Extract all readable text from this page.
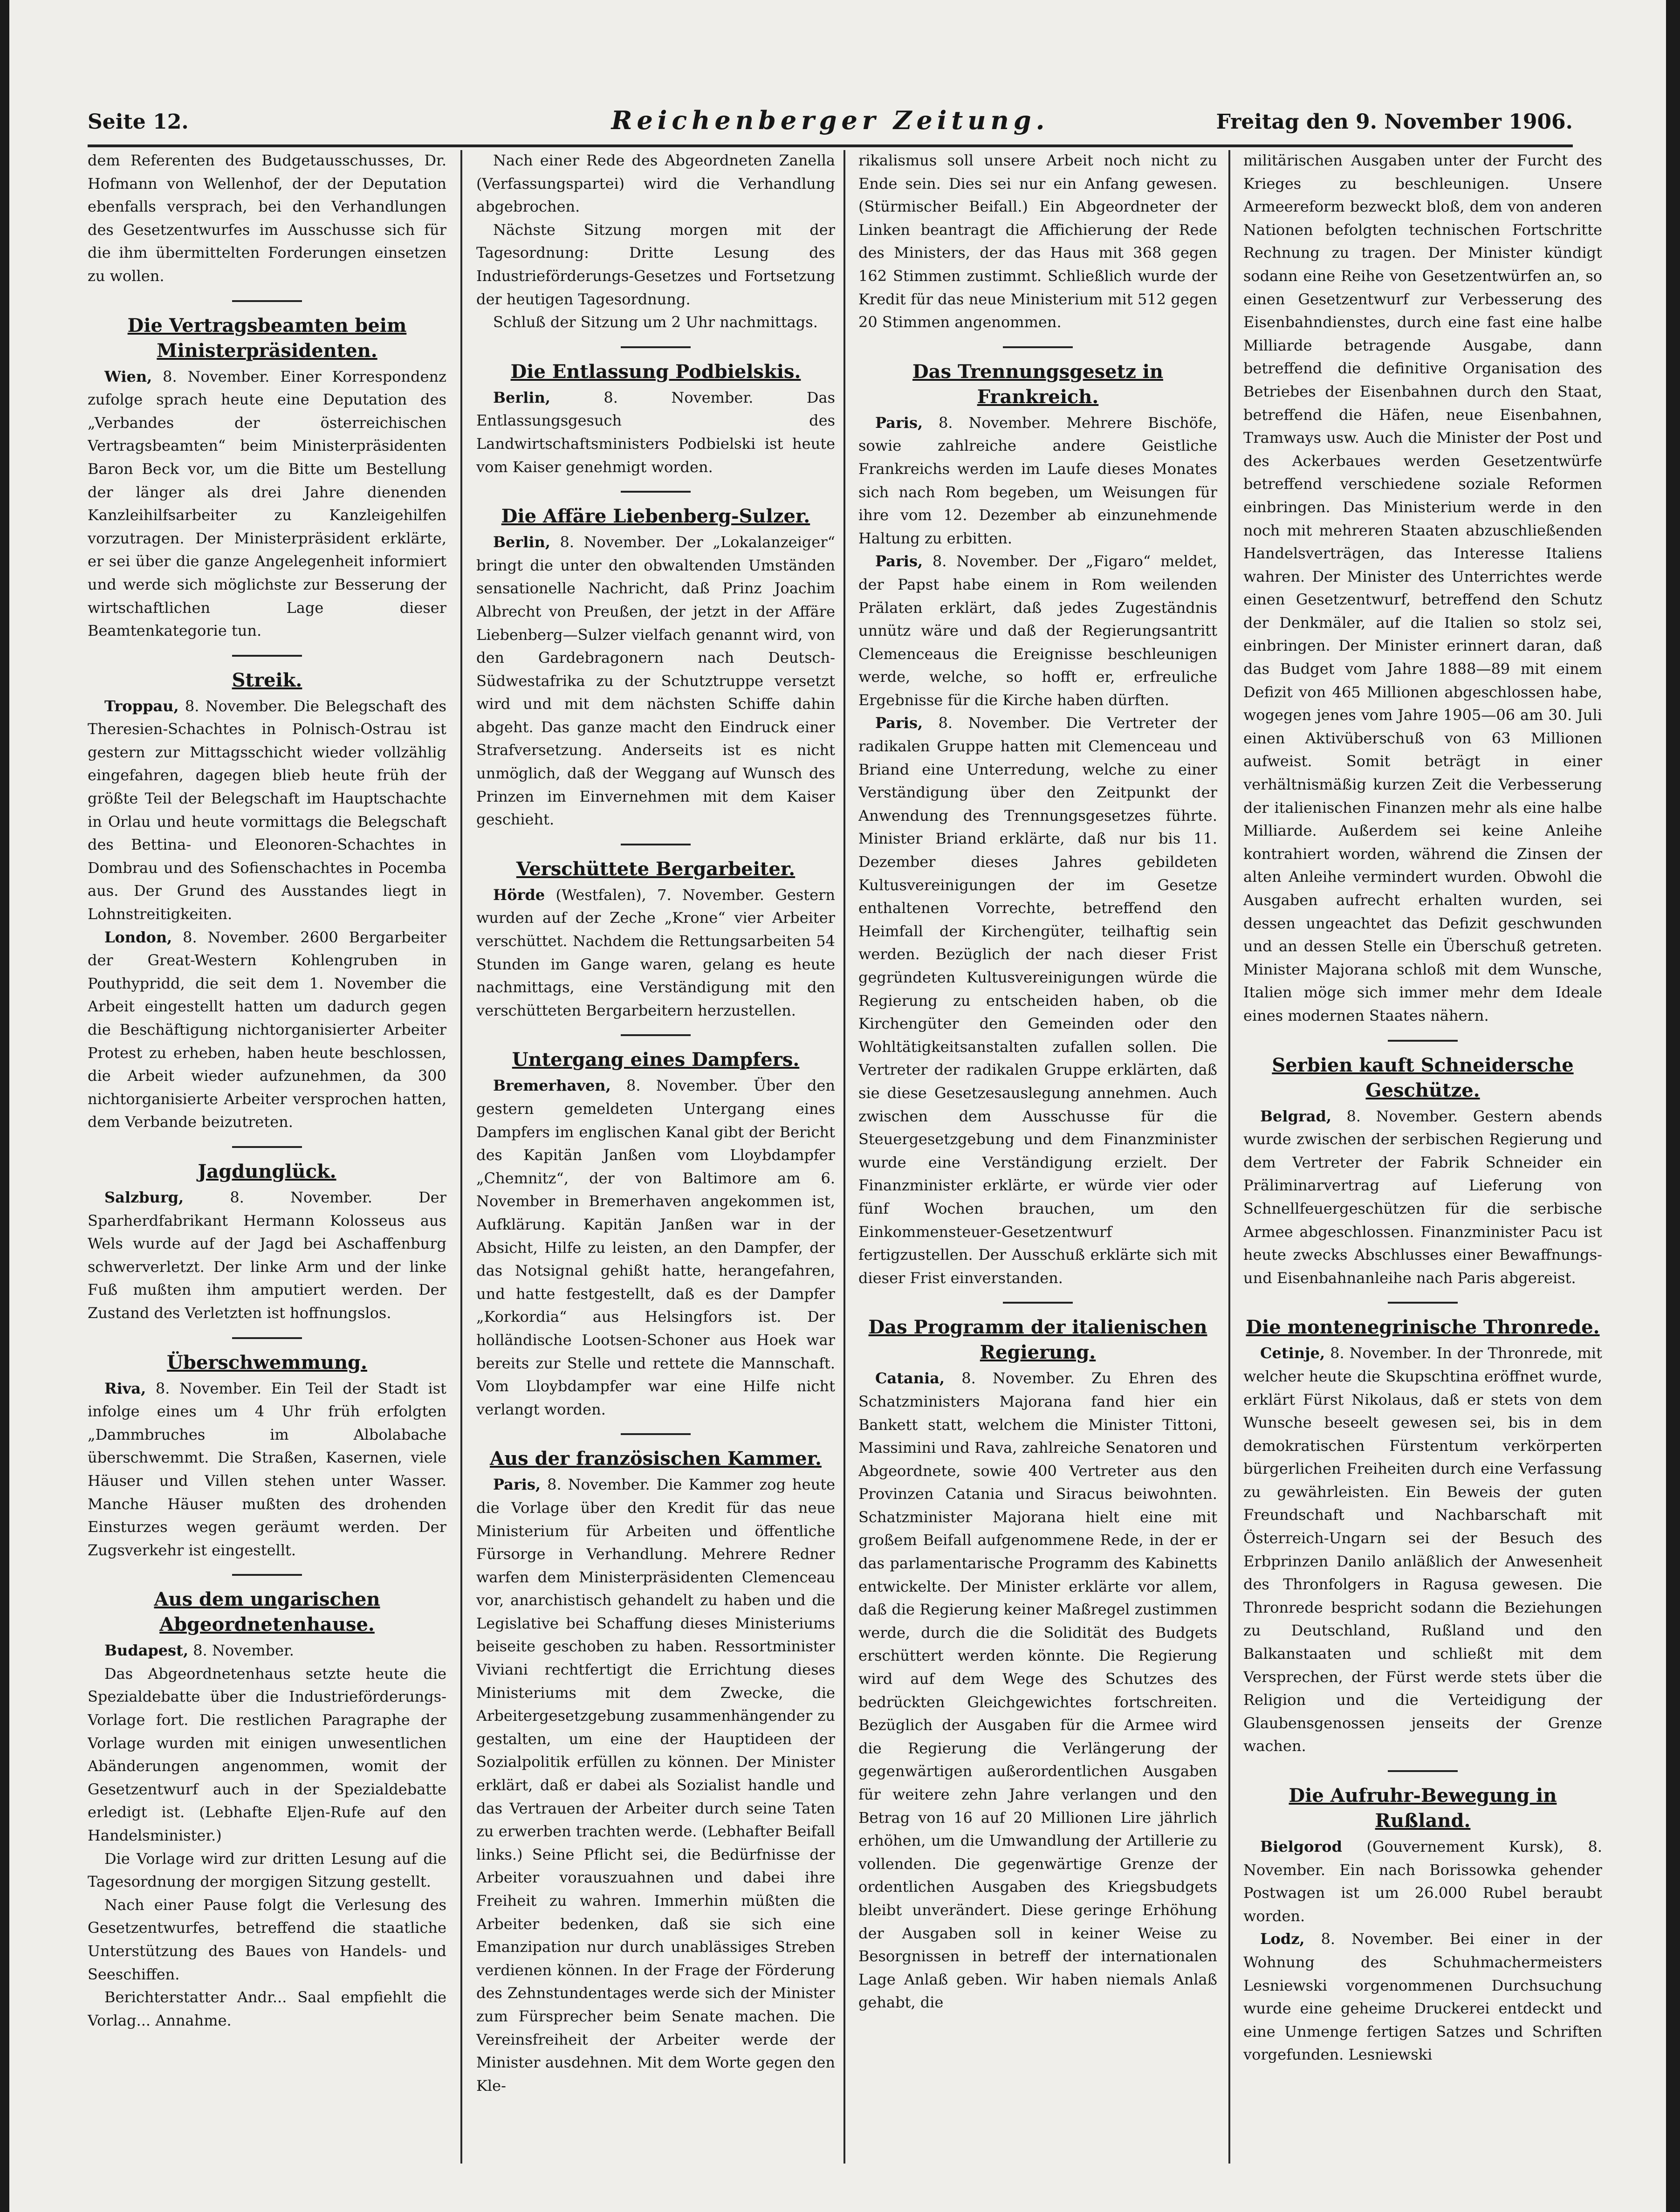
Seite 12.	Reichenberger Zeitung.	Freitag den 9. November 1906.

dem Referenten des Budgetausschusses, Dr. Hofmann von Wellenhof, der der Deputation ebenfalls versprach, bei den Verhandlungen des Gesetzentwurfes im Ausschusse sich für die ihm übermittelten Forderungen einsetzen zu wollen.

Die Vertragsbeamten beim Ministerpräsidenten.

Wien, 8. November. Einer Korrespondenz zufolge sprach heute eine Deputation des „Verbandes der österreichischen Vertragsbeamten“ beim Ministerpräsidenten Baron Beck vor, um die Bitte um Bestellung der länger als drei Jahre dienenden Kanzleihilfsarbeiter zu Kanzleigehilfen vorzutragen. Der Ministerpräsident erklärte, er sei über die ganze Angelegenheit informiert und werde sich möglichste zur Besserung der wirtschaftlichen Lage dieser Beamtenkategorie tun.

Streik.

Troppau, 8. November. Die Belegschaft des Theresien-Schachtes in Polnisch-Ostrau ist gestern zur Mittagsschicht wieder vollzählig eingefahren, dagegen blieb heute früh der größte Teil der Belegschaft im Hauptschachte in Orlau und heute vormittags die Belegschaft des Bettina- und Eleonoren-Schachtes in Dombrau und des Sofienschachtes in Pocemba aus. Der Grund des Ausstandes liegt in Lohnstreitigkeiten.

London, 8. November. 2600 Bergarbeiter der Great-Western Kohlengruben in Pouthypridd, die seit dem 1. November die Arbeit eingestellt hatten um dadurch gegen die Beschäftigung nichtorganisierter Arbeiter Protest zu erheben, haben heute beschlossen, die Arbeit wieder aufzunehmen, da 300 nichtorganisierte Arbeiter versprochen hatten, dem Verbande beizutreten.

Jagdunglück.

Salzburg, 8. November. Der Sparherdfabrikant Hermann Kolosseus aus Wels wurde auf der Jagd bei Aschaffenburg schwerverletzt. Der linke Arm und der linke Fuß mußten ihm amputiert werden. Der Zustand des Verletzten ist hoffnungslos.

Überschwemmung.

Riva, 8. November. Ein Teil der Stadt ist infolge eines um 4 Uhr früh erfolgten „Dammbruches im Albolabache überschwemmt. Die Straßen, Kasernen, viele Häuser und Villen stehen unter Wasser. Manche Häuser mußten des drohenden Einsturzes wegen geräumt werden. Der Zugsverkehr ist eingestellt.

Aus dem ungarischen Abgeordnetenhause.

Budapest, 8. November.

Das Abgeordnetenhaus setzte heute die Spezialdebatte über die Industrieförderungs-Vorlage fort. Die restlichen Paragraphe der Vorlage wurden mit einigen unwesentlichen Abänderungen angenommen, womit der Gesetzentwurf auch in der Spezialdebatte erledigt ist. (Lebhafte Eljen-Rufe auf den Handelsminister.)

Die Vorlage wird zur dritten Lesung auf die Tagesordnung der morgigen Sitzung gestellt.

Nach einer Pause folgt die Verlesung des Gesetzentwurfes, betreffend die staatliche Unterstützung des Baues von Handels- und Seeschiffen.

Berichterstatter Andr... Saal empfiehlt die Vorlag... Annahme.

Nach einer Rede des Abgeordneten Zanella (Verfassungspartei) wird die Verhandlung abgebrochen.

Nächste Sitzung morgen mit der Tagesordnung: Dritte Lesung des Industrieförderungs-Gesetzes und Fortsetzung der heutigen Tagesordnung.

Schluß der Sitzung um 2 Uhr nachmittags.

Die Entlassung Podbielskis.

Berlin, 8. November. Das Entlassungsgesuch des Landwirtschaftsministers Podbielski ist heute vom Kaiser genehmigt worden.

Die Affäre Liebenberg-Sulzer.

Berlin, 8. November. Der „Lokalanzeiger“ bringt die unter den obwaltenden Umständen sensationelle Nachricht, daß Prinz Joachim Albrecht von Preußen, der jetzt in der Affäre Liebenberg—Sulzer vielfach genannt wird, von den Gardebragonern nach Deutsch-Südwestafrika zu der Schutztruppe versetzt wird und mit dem nächsten Schiffe dahin abgeht. Das ganze macht den Eindruck einer Strafversetzung. Anderseits ist es nicht unmöglich, daß der Weggang auf Wunsch des Prinzen im Einvernehmen mit dem Kaiser geschieht.

Verschüttete Bergarbeiter.

Hörde (Westfalen), 7. November. Gestern wurden auf der Zeche „Krone“ vier Arbeiter verschüttet. Nachdem die Rettungsarbeiten 54 Stunden im Gange waren, gelang es heute nachmittags, eine Verständigung mit den verschütteten Bergarbeitern herzustellen.

Untergang eines Dampfers.

Bremerhaven, 8. November. Über den gestern gemeldeten Untergang eines Dampfers im englischen Kanal gibt der Bericht des Kapitän Janßen vom Lloybdampfer „Chemnitz“, der von Baltimore am 6. November in Bremerhaven angekommen ist, Aufklärung. Kapitän Janßen war in der Absicht, Hilfe zu leisten, an den Dampfer, der das Notsignal gehißt hatte, herangefahren, und hatte festgestellt, daß es der Dampfer „Korkordia“ aus Helsingfors ist. Der holländische Lootsen-Schoner aus Hoek war bereits zur Stelle und rettete die Mannschaft. Vom Lloybdampfer war eine Hilfe nicht verlangt worden.

Aus der französischen Kammer.

Paris, 8. November. Die Kammer zog heute die Vorlage über den Kredit für das neue Ministerium für Arbeiten und öffentliche Fürsorge in Verhandlung. Mehrere Redner warfen dem Ministerpräsidenten Clemenceau vor, anarchistisch gehandelt zu haben und die Legislative bei Schaffung dieses Ministeriums beiseite geschoben zu haben. Ressortminister Viviani rechtfertigt die Errichtung dieses Ministeriums mit dem Zwecke, die Arbeitergesetzgebung zusammenhängender zu gestalten, um eine der Hauptideen der Sozialpolitik erfüllen zu können. Der Minister erklärt, daß er dabei als Sozialist handle und das Vertrauen der Arbeiter durch seine Taten zu erwerben trachten werde. (Lebhafter Beifall links.) Seine Pflicht sei, die Bedürfnisse der Arbeiter vorauszuahnen und dabei ihre Freiheit zu wahren. Immerhin müßten die Arbeiter bedenken, daß sie sich eine Emanzipation nur durch unablässiges Streben verdienen können. In der Frage der Förderung des Zehnstundentages werde sich der Minister zum Fürsprecher beim Senate machen. Die Vereinsfreiheit der Arbeiter werde der Minister ausdehnen. Mit dem Worte gegen den Kle-

rikalismus soll unsere Arbeit noch nicht zu Ende sein. Dies sei nur ein Anfang gewesen. (Stürmischer Beifall.) Ein Abgeordneter der Linken beantragt die Affichierung der Rede des Ministers, der das Haus mit 368 gegen 162 Stimmen zustimmt. Schließlich wurde der Kredit für das neue Ministerium mit 512 gegen 20 Stimmen angenommen.

Das Trennungsgesetz in Frankreich.

Paris, 8. November. Mehrere Bischöfe, sowie zahlreiche andere Geistliche Frankreichs werden im Laufe dieses Monates sich nach Rom begeben, um Weisungen für ihre vom 12. Dezember ab einzunehmende Haltung zu erbitten.

Paris, 8. November. Der „Figaro“ meldet, der Papst habe einem in Rom weilenden Prälaten erklärt, daß jedes Zugeständnis unnütz wäre und daß der Regierungsantritt Clemenceaus die Ereignisse beschleunigen werde, welche, so hofft er, erfreuliche Ergebnisse für die Kirche haben dürften.

Paris, 8. November. Die Vertreter der radikalen Gruppe hatten mit Clemenceau und Briand eine Unterredung, welche zu einer Verständigung über den Zeitpunkt der Anwendung des Trennungsgesetzes führte. Minister Briand erklärte, daß nur bis 11. Dezember dieses Jahres gebildeten Kultusvereinigungen der im Gesetze enthaltenen Vorrechte, betreffend den Heimfall der Kirchengüter, teilhaftig sein werden. Bezüglich der nach dieser Frist gegründeten Kultusvereinigungen würde die Regierung zu entscheiden haben, ob die Kirchengüter den Gemeinden oder den Wohltätigkeitsanstalten zufallen sollen. Die Vertreter der radikalen Gruppe erklärten, daß sie diese Gesetzesauslegung annehmen. Auch zwischen dem Ausschusse für die Steuergesetzgebung und dem Finanzminister wurde eine Verständigung erzielt. Der Finanzminister erklärte, er würde vier oder fünf Wochen brauchen, um den Einkommensteuer-Gesetzentwurf fertigzustellen. Der Ausschuß erklärte sich mit dieser Frist einverstanden.

Das Programm der italienischen Regierung.

Catania, 8. November. Zu Ehren des Schatzministers Majorana fand hier ein Bankett statt, welchem die Minister Tittoni, Massimini und Rava, zahlreiche Senatoren und Abgeordnete, sowie 400 Vertreter aus den Provinzen Catania und Siracus beiwohnten. Schatzminister Majorana hielt eine mit großem Beifall aufgenommene Rede, in der er das parlamentarische Programm des Kabinetts entwickelte. Der Minister erklärte vor allem, daß die Regierung keiner Maßregel zustimmen werde, durch die die Solidität des Budgets erschüttert werden könnte. Die Regierung wird auf dem Wege des Schutzes des bedrückten Gleichgewichtes fortschreiten. Bezüglich der Ausgaben für die Armee wird die Regierung die Verlängerung der gegenwärtigen außerordentlichen Ausgaben für weitere zehn Jahre verlangen und den Betrag von 16 auf 20 Millionen Lire jährlich erhöhen, um die Umwandlung der Artillerie zu vollenden. Die gegenwärtige Grenze der ordentlichen Ausgaben des Kriegsbudgets bleibt unverändert. Diese geringe Erhöhung der Ausgaben soll in keiner Weise zu Besorgnissen in betreff der internationalen Lage Anlaß geben. Wir haben niemals Anlaß gehabt, die

militärischen Ausgaben unter der Furcht des Krieges zu beschleunigen. Unsere Armeereform bezweckt bloß, dem von anderen Nationen befolgten technischen Fortschritte Rechnung zu tragen. Der Minister kündigt sodann eine Reihe von Gesetzentwürfen an, so einen Gesetzentwurf zur Verbesserung des Eisenbahndienstes, durch eine fast eine halbe Milliarde betragende Ausgabe, dann betreffend die definitive Organisation des Betriebes der Eisenbahnen durch den Staat, betreffend die Häfen, neue Eisenbahnen, Tramways usw. Auch die Minister der Post und des Ackerbaues werden Gesetzentwürfe betreffend verschiedene soziale Reformen einbringen. Das Ministerium werde in den noch mit mehreren Staaten abzuschließenden Handelsverträgen, das Interesse Italiens wahren. Der Minister des Unterrichtes werde einen Gesetzentwurf, betreffend den Schutz der Denkmäler, auf die Italien so stolz sei, einbringen. Der Minister erinnert daran, daß das Budget vom Jahre 1888—89 mit einem Defizit von 465 Millionen abgeschlossen habe, wogegen jenes vom Jahre 1905—06 am 30. Juli einen Aktivüberschuß von 63 Millionen aufweist. Somit beträgt in einer verhältnismäßig kurzen Zeit die Verbesserung der italienischen Finanzen mehr als eine halbe Milliarde. Außerdem sei keine Anleihe kontrahiert worden, während die Zinsen der alten Anleihe vermindert wurden. Obwohl die Ausgaben aufrecht erhalten wurden, sei dessen ungeachtet das Defizit geschwunden und an dessen Stelle ein Überschuß getreten. Minister Majorana schloß mit dem Wunsche, Italien möge sich immer mehr dem Ideale eines modernen Staates nähern.

Serbien kauft Schneidersche Geschütze.

Belgrad, 8. November. Gestern abends wurde zwischen der serbischen Regierung und dem Vertreter der Fabrik Schneider ein Präliminarvertrag auf Lieferung von Schnellfeuergeschützen für die serbische Armee abgeschlossen. Finanzminister Pacu ist heute zwecks Abschlusses einer Bewaffnungs- und Eisenbahnanleihe nach Paris abgereist.

Die montenegrinische Thronrede.

Cetinje, 8. November. In der Thronrede, mit welcher heute die Skupschtina eröffnet wurde, erklärt Fürst Nikolaus, daß er stets von dem Wunsche beseelt gewesen sei, bis in dem demokratischen Fürstentum verkörperten bürgerlichen Freiheiten durch eine Verfassung zu gewährleisten. Ein Beweis der guten Freundschaft und Nachbarschaft mit Österreich-Ungarn sei der Besuch des Erbprinzen Danilo anläßlich der Anwesenheit des Thronfolgers in Ragusa gewesen. Die Thronrede bespricht sodann die Beziehungen zu Deutschland, Rußland und den Balkanstaaten und schließt mit dem Versprechen, der Fürst werde stets über die Religion und die Verteidigung der Glaubensgenossen jenseits der Grenze wachen.

Die Aufruhr-Bewegung in Rußland.

Bielgorod (Gouvernement Kursk), 8. November. Ein nach Borissowka gehender Postwagen ist um 26.000 Rubel beraubt worden.

Lodz, 8. November. Bei einer in der Wohnung des Schuhmachermeisters Lesniewski vorgenommenen Durchsuchung wurde eine geheime Druckerei entdeckt und eine Unmenge fertigen Satzes und Schriften vorgefunden. Lesniewski
